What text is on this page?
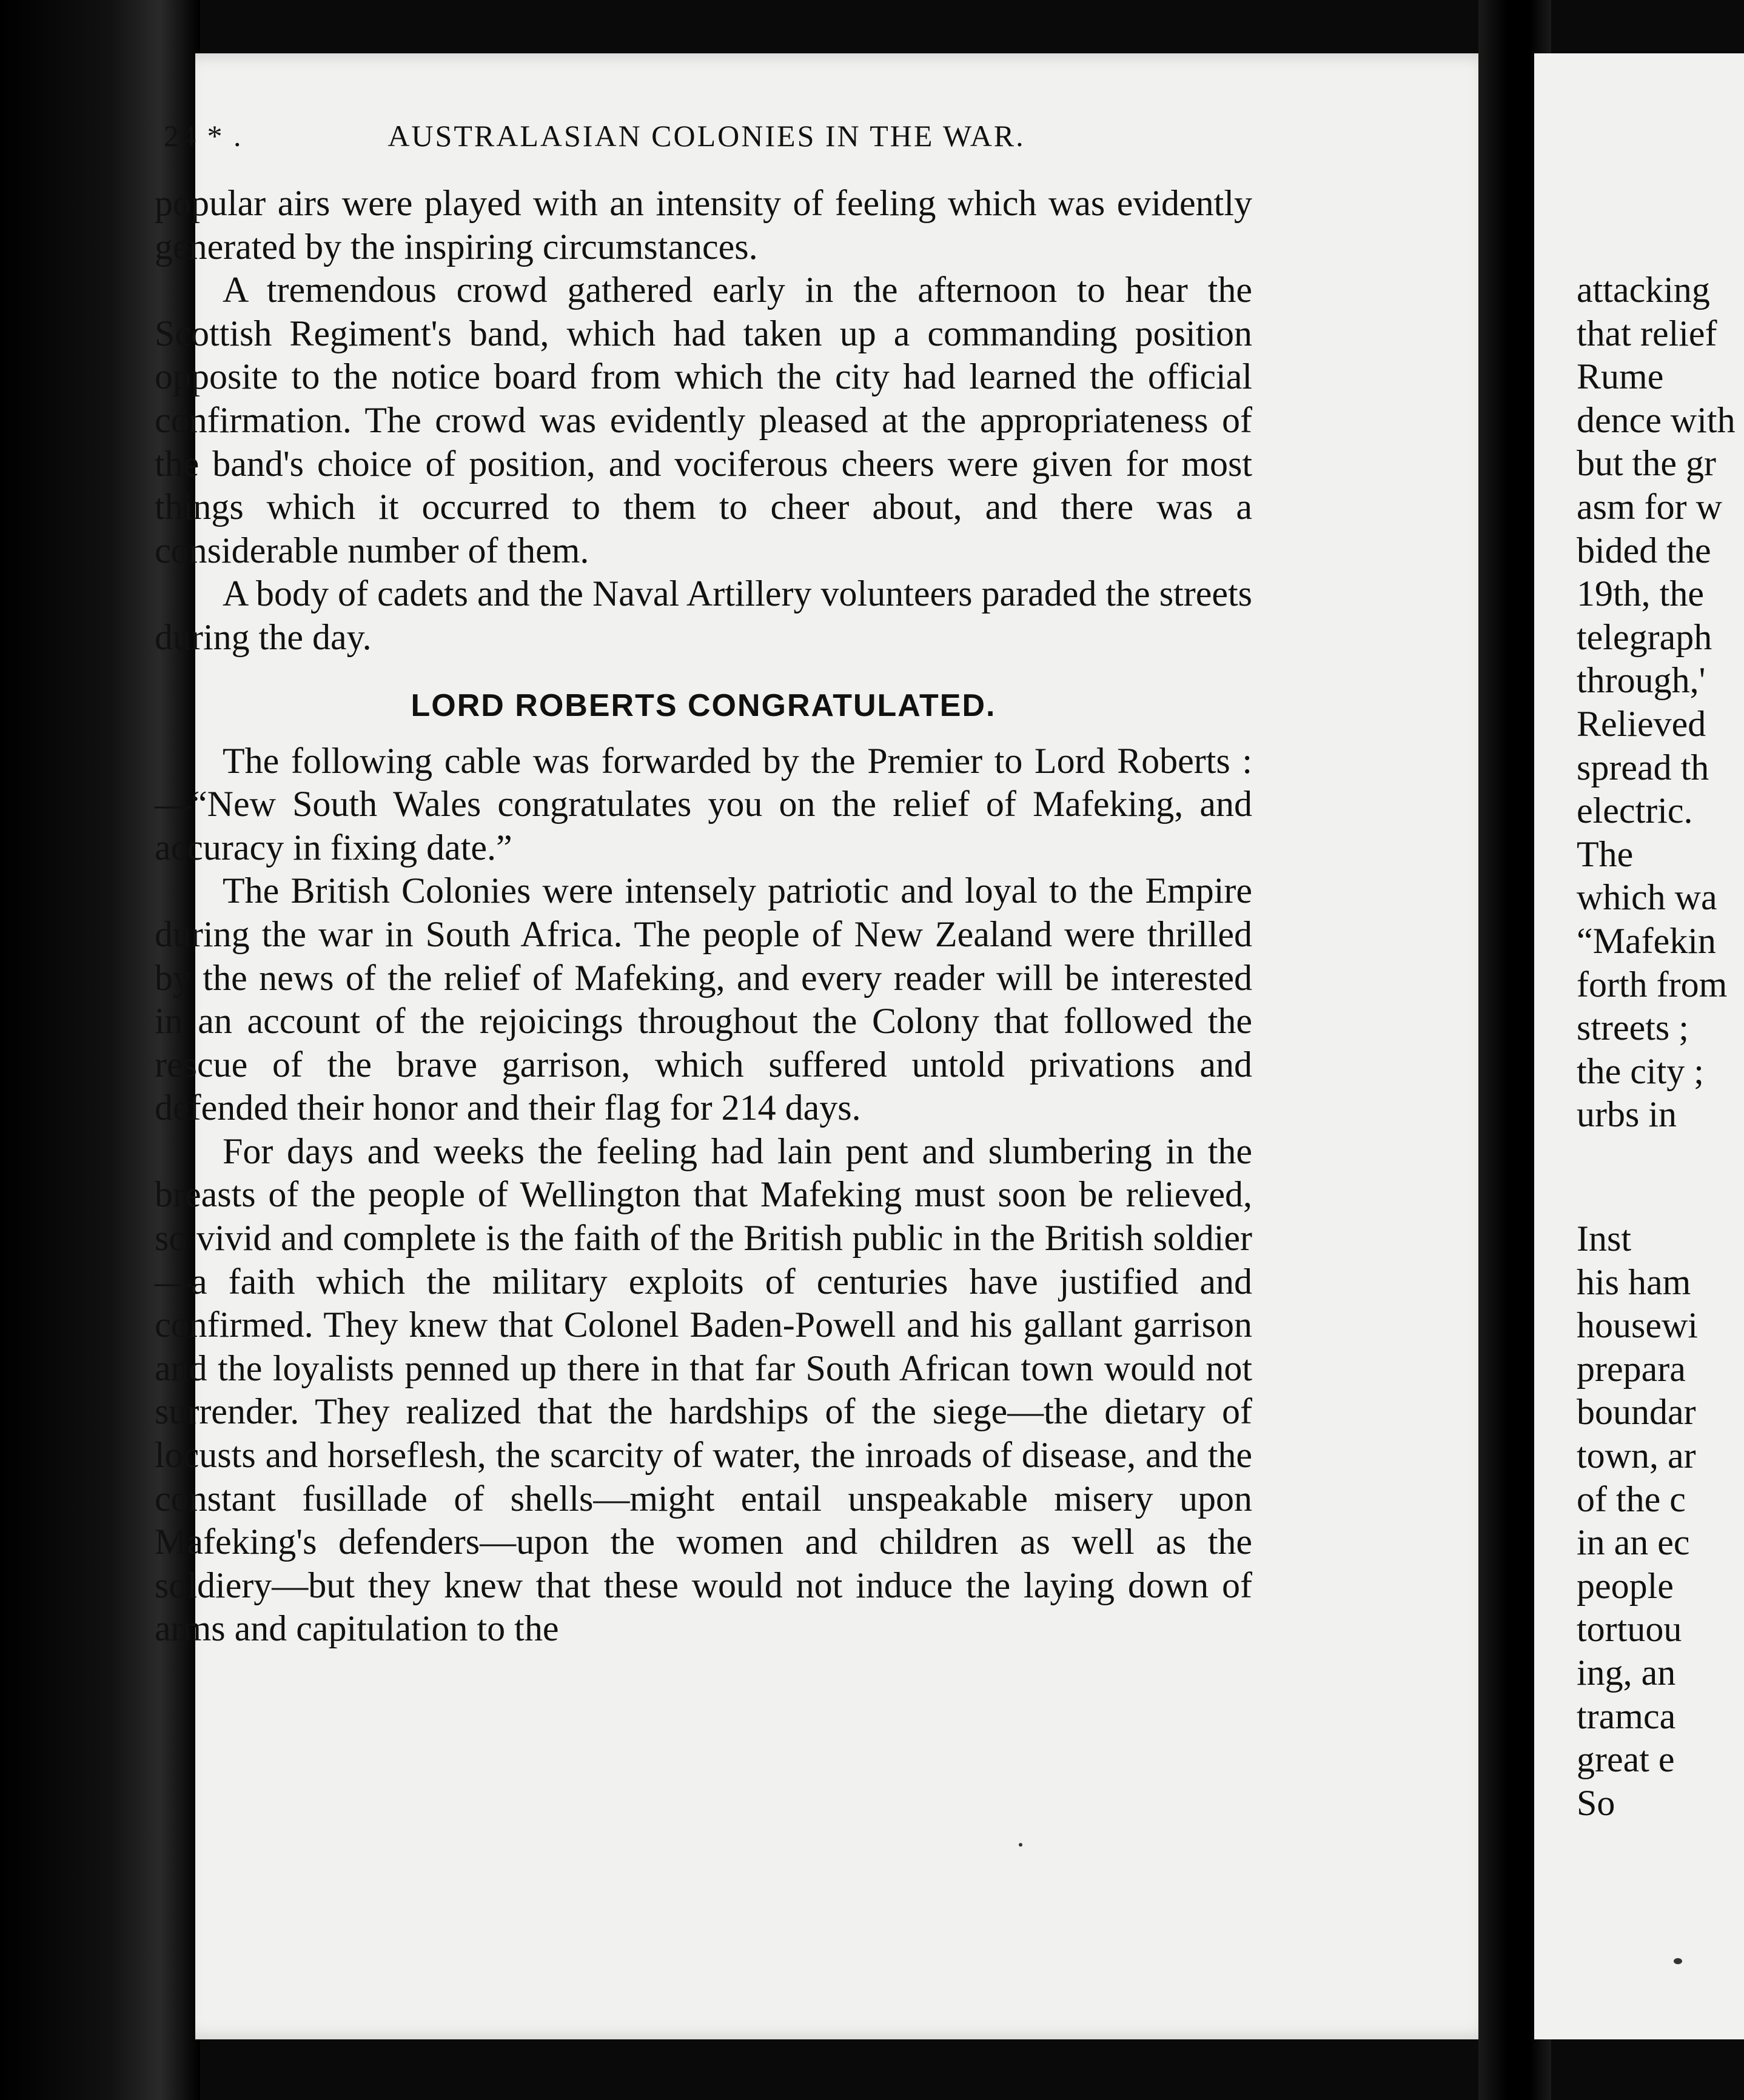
attacking
that relief
Rume
dence with
but the gr
asm for w
bided the
19th, the
telegraph
through,'
Relieved
spread th
electric.
The
which wa
“Mafekin
forth from
streets ;
the city ;
urbs in
Inst
his ham
housewi
prepara
boundar
town, ar
of the c
in an ec
people
tortuou
ing, an
tramca
great e
So
24 * .	AUSTRALASIAN COLONIES IN THE WAR.

popular airs were played with an intensity of feeling which was evidently generated by the inspiring circumstances.

A tremendous crowd gathered early in the afternoon to hear the Scottish Regiment's band, which had taken up a commanding position opposite to the notice board from which the city had learned the official confirmation. The crowd was evidently pleased at the appropriateness of the band's choice of position, and vociferous cheers were given for most things which it occurred to them to cheer about, and there was a considerable number of them.

A body of cadets and the Naval Artillery volunteers paraded the streets during the day.

LORD ROBERTS CONGRATULATED.

The following cable was forwarded by the Premier to Lord Roberts :—“New South Wales congratulates you on the relief of Mafeking, and accuracy in fixing date.”

The British Colonies were intensely patriotic and loyal to the Empire during the war in South Africa. The people of New Zealand were thrilled by the news of the relief of Mafeking, and every reader will be interested in an account of the rejoicings throughout the Colony that followed the rescue of the brave garrison, which suffered untold privations and defended their honor and their flag for 214 days.

For days and weeks the feeling had lain pent and slumbering in the breasts of the people of Wellington that Mafeking must soon be relieved, so vivid and complete is the faith of the British public in the British soldier—a faith which the military exploits of centuries have justified and confirmed. They knew that Colonel Baden-Powell and his gallant garrison and the loyalists penned up there in that far South African town would not surrender. They realized that the hardships of the siege—the dietary of locusts and horseflesh, the scarcity of water, the inroads of disease, and the constant fusillade of shells—might entail unspeakable misery upon Mafeking's defenders—upon the women and children as well as the soldiery—but they knew that these would not induce the laying down of arms and capitulation to the
